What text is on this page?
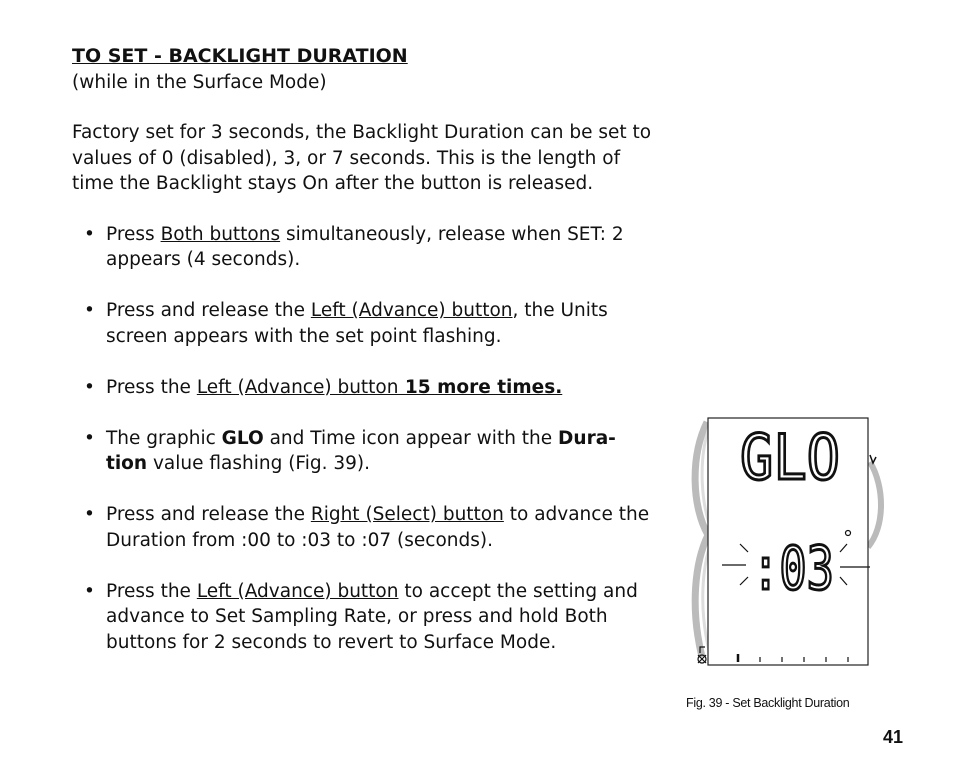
TO SET - BACKLIGHT DURATION
(while in the Surface Mode)
Factory set for 3 seconds, the Backlight Duration can be set to values of 0 (disabled), 3, or 7 seconds. This is the length of time the Backlight stays On after the button is released.
• Press Both buttons simultaneously, release when SET: 2 appears (4 seconds).
• Press and release the Left (Advance) button, the Units screen appears with the set point flashing.
• Press the Left (Advance) button 15 more times.
• The graphic GLO and Time icon appear with the Dura-tion value flashing (Fig. 39).
• Press and release the Right (Select) button to advance the Duration from :00 to :03 to :07 (seconds).
• Press the Left (Advance) button to accept the setting and advance to Set Sampling Rate, or press and hold Both buttons for 2 seconds to revert to Surface Mode.
GLO
:03
Fig. 39 - Set Backlight Duration
41
